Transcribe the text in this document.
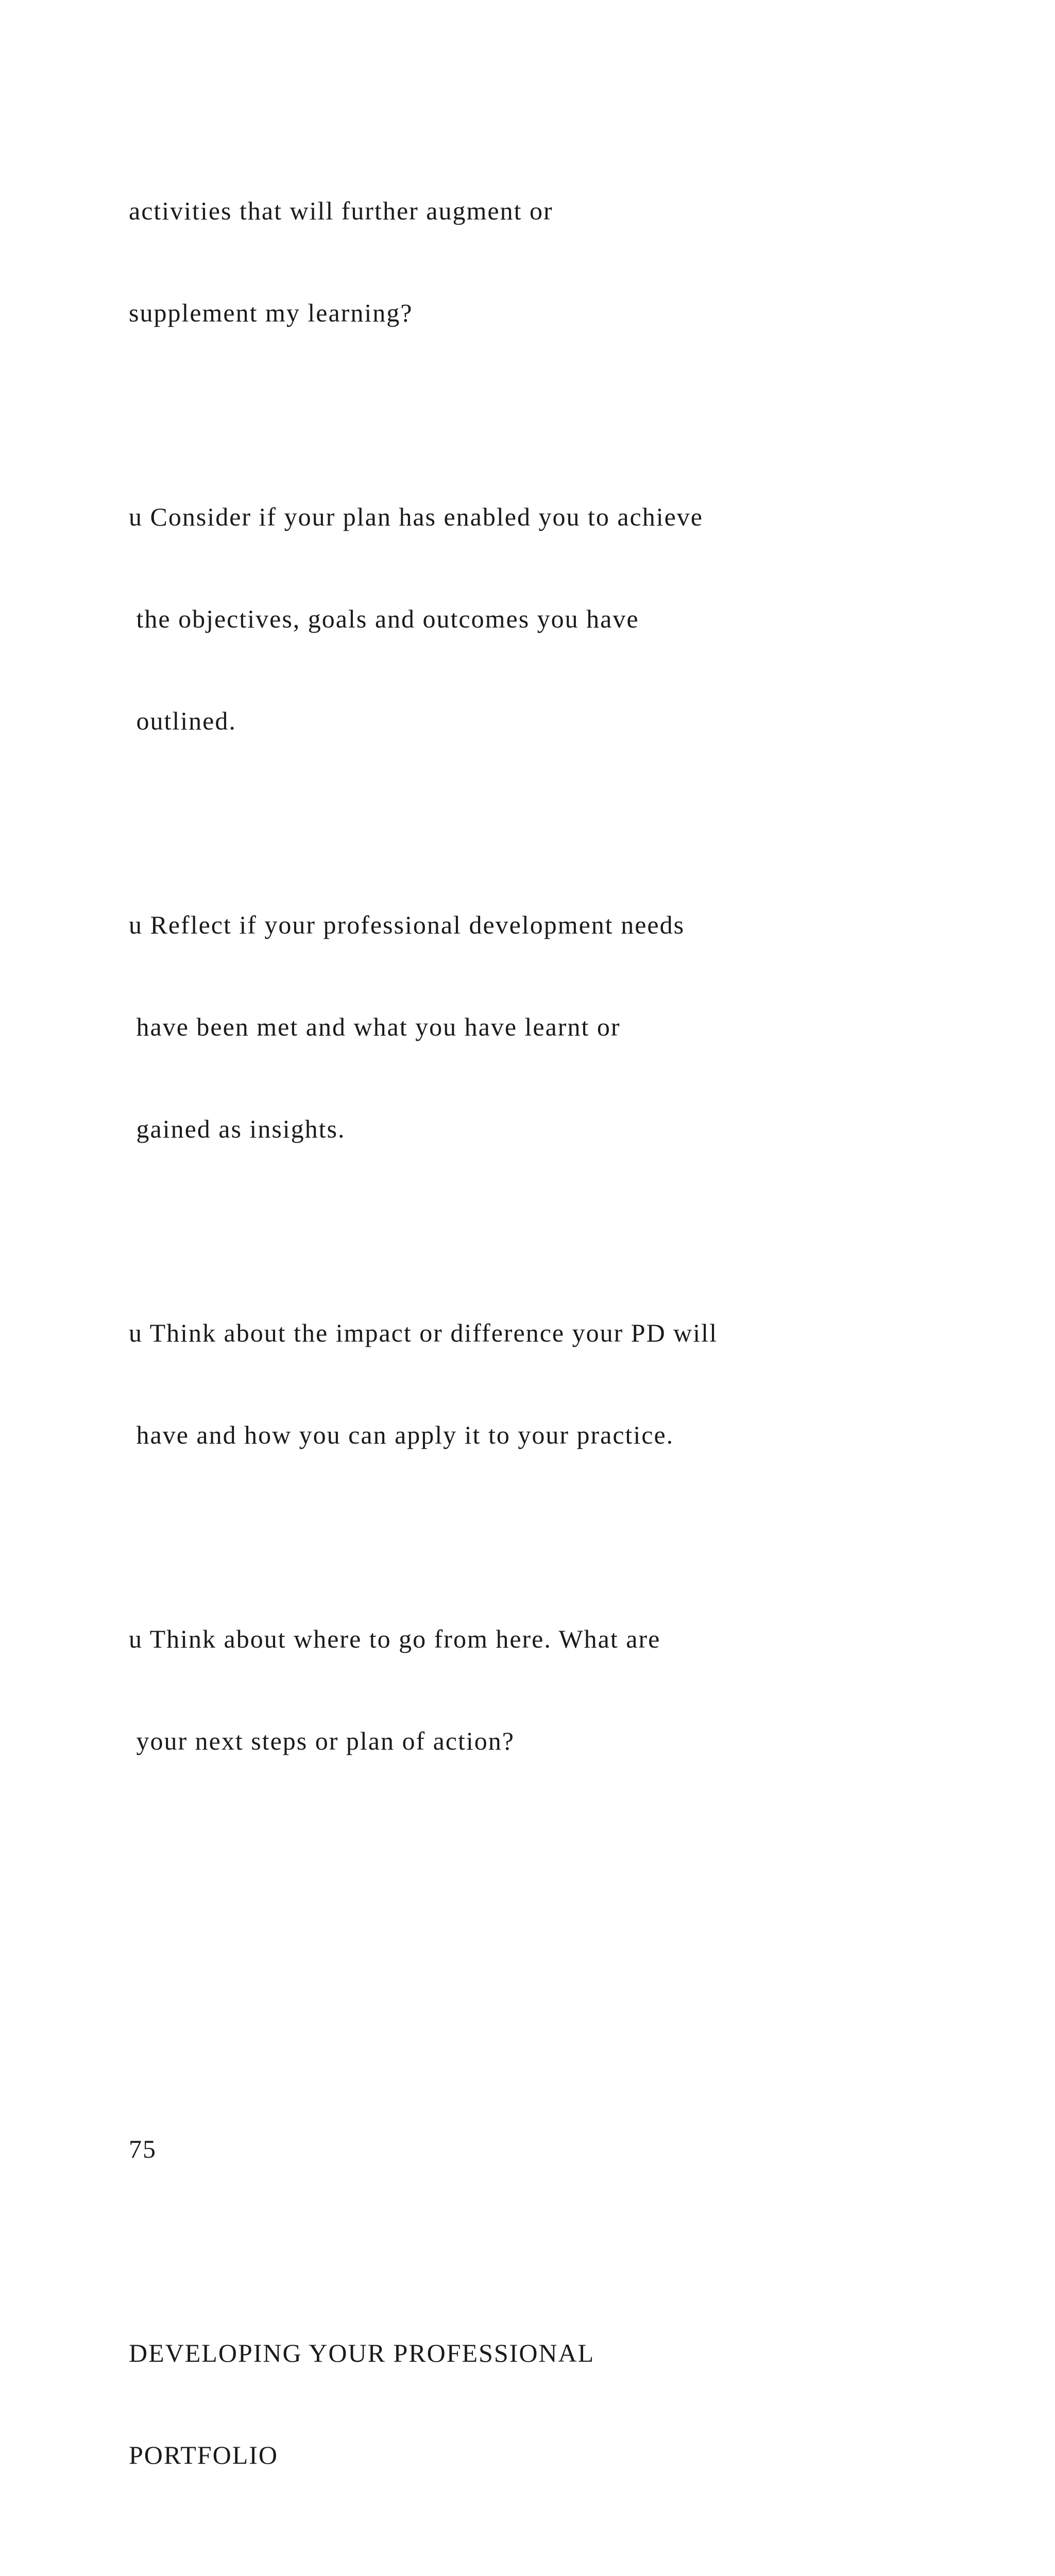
activities that will further augment or

supplement my learning?

u Consider if your plan has enabled you to achieve

the objectives, goals and outcomes you have

outlined.

u Reflect if your professional development needs

have been met and what you have learnt or

gained as insights.

u Think about the impact or difference your PD will

have and how you can apply it to your practice.

u Think about where to go from here. What are

your next steps or plan of action?

75

DEVELOPING YOUR PROFESSIONAL

PORTFOLIO
